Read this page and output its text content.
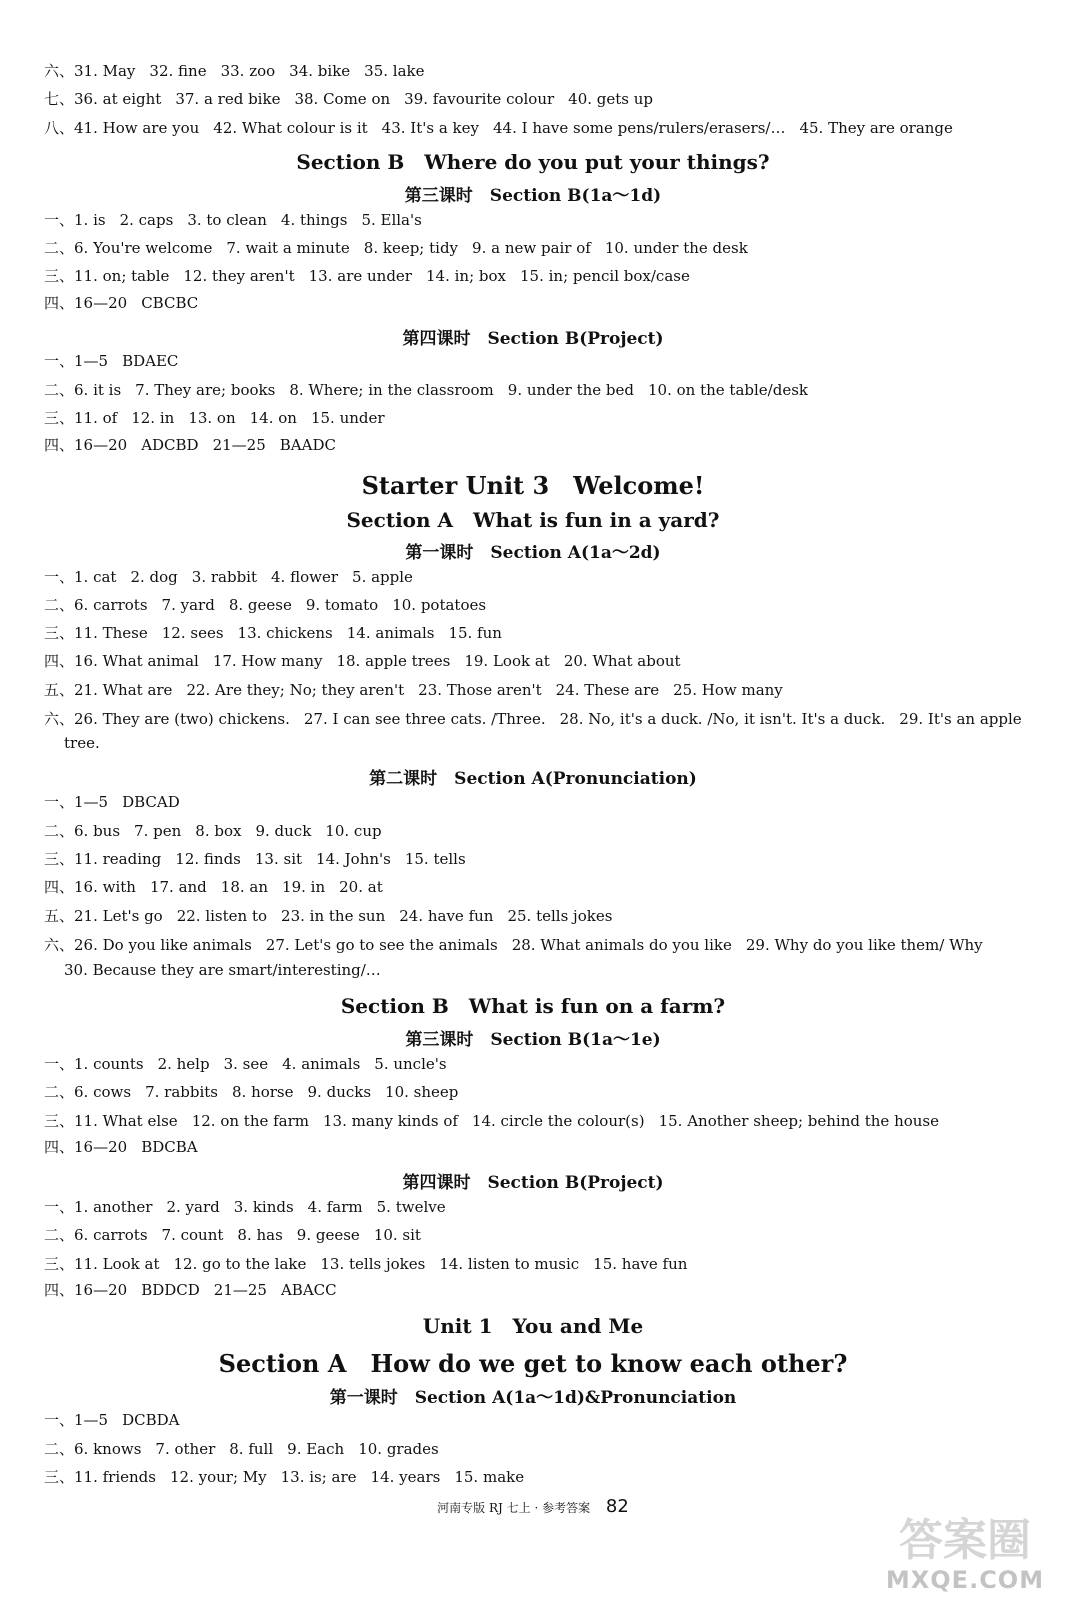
六、31. May 32. fine 33. zoo 34. bike 35. lake
七、36. at eight 37. a red bike 38. Come on 39. favourite colour 40. gets up
八、41. How are you 42. What colour is it 43. It's a key 44. I have some pens/rulers/erasers/… 45. They are orange
Section B　Where do you put your things?
第三课时　Section B(1a～1d)
一、1. is 2. caps 3. to clean 4. things 5. Ella's
二、6. You're welcome 7. wait a minute 8. keep; tidy 9. a new pair of 10. under the desk
三、11. on; table 12. they aren't 13. are under 14. in; box 15. in; pencil box/case
四、16—20 CBCBC
第四课时　Section B(Project)
一、1—5 BDAEC
二、6. it is 7. They are; books 8. Where; in the classroom 9. under the bed 10. on the table/desk
三、11. of 12. in 13. on 14. on 15. under
四、16—20 ADCBD 21—25 BAADC
Starter Unit 3　Welcome!
Section A　What is fun in a yard?
第一课时　Section A(1a～2d)
一、1. cat 2. dog 3. rabbit 4. flower 5. apple
二、6. carrots 7. yard 8. geese 9. tomato 10. potatoes
三、11. These 12. sees 13. chickens 14. animals 15. fun
四、16. What animal 17. How many 18. apple trees 19. Look at 20. What about
五、21. What are 22. Are they; No; they aren't 23. Those aren't 24. These are 25. How many
六、26. They are (two) chickens. 27. I can see three cats. /Three. 28. No, it's a duck. /No, it isn't. It's a duck. 29. It's an apple
tree.
第二课时　Section A(Pronunciation)
一、1—5 DBCAD
二、6. bus 7. pen 8. box 9. duck 10. cup
三、11. reading 12. finds 13. sit 14. John's 15. tells
四、16. with 17. and 18. an 19. in 20. at
五、21. Let's go 22. listen to 23. in the sun 24. have fun 25. tells jokes
六、26. Do you like animals 27. Let's go to see the animals 28. What animals do you like 29. Why do you like them/ Why
30. Because they are smart/interesting/…
Section B　What is fun on a farm?
第三课时　Section B(1a～1e)
一、1. counts 2. help 3. see 4. animals 5. uncle's
二、6. cows 7. rabbits 8. horse 9. ducks 10. sheep
三、11. What else 12. on the farm 13. many kinds of 14. circle the colour(s) 15. Another sheep; behind the house
四、16—20 BDCBA
第四课时　Section B(Project)
一、1. another 2. yard 3. kinds 4. farm 5. twelve
二、6. carrots 7. count 8. has 9. geese 10. sit
三、11. Look at 12. go to the lake 13. tells jokes 14. listen to music 15. have fun
四、16—20 BDDCD 21—25 ABACC
Unit 1　You and Me
Section A　How do we get to know each other?
第一课时　Section A(1a～1d)&Pronunciation
一、1—5 DCBDA
二、6. knows 7. other 8. full 9. Each 10. grades
三、11. friends 12. your; My 13. is; are 14. years 15. make
河南专版 RJ 七上 · 参考答案 82
答案圈
MXQE.COM
